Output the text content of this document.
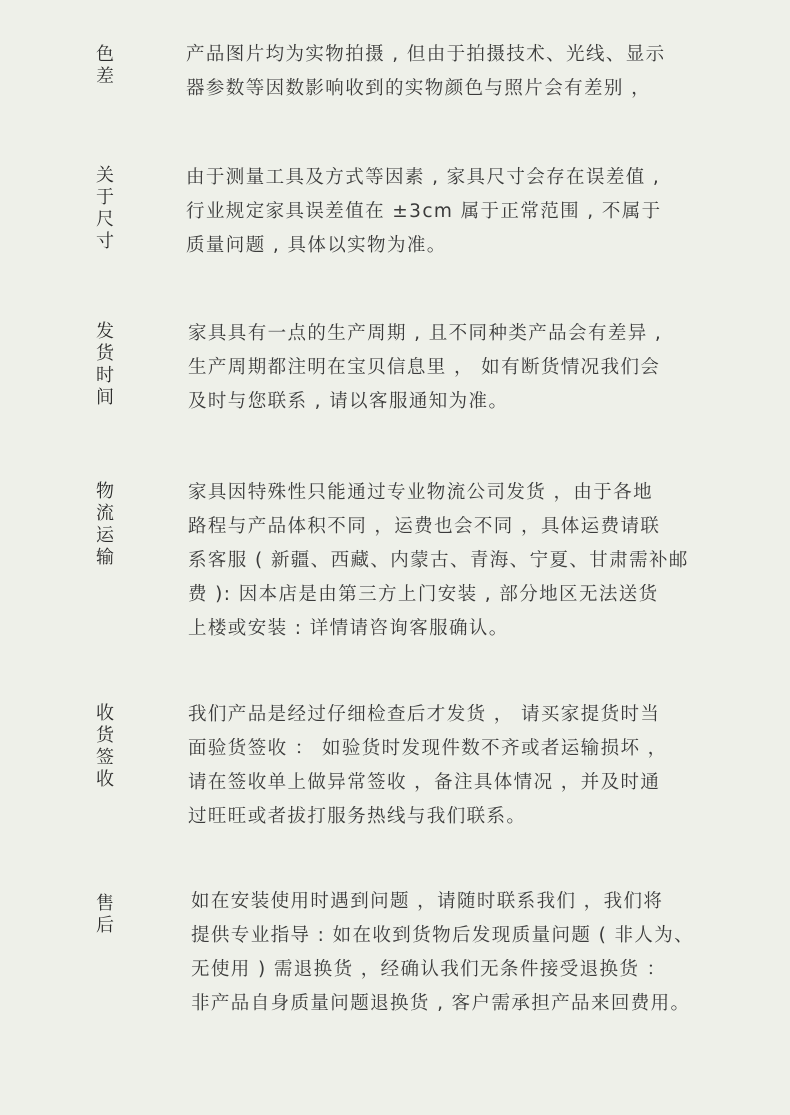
色差
产品图片均为实物拍摄 , 但由于拍摄技术、光线、显示
器参数等因数影响收到的实物颜色与照片会有差别 ，
关于尺寸
由于测量工具及方式等因素 , 家具尺寸会存在误差值 ,
行业规定家具误差值在 ±3cm 属于正常范围 , 不属于
质量问题 , 具体以实物为准。
发货时间
家具具有一点的生产周期 , 且不同种类产品会有差异 ,
生产周期都注明在宝贝信息里 ， 如有断货情况我们会
及时与您联系 , 请以客服通知为准。
物流运输
家具因特殊性只能通过专业物流公司发货 ，由于各地
路程与产品体积不同 ，运费也会不同 ，具体运费请联
系客服 ( 新疆、西藏、内蒙古、青海、宁夏、甘肃需补邮
费 ): 因本店是由第三方上门安装 , 部分地区无法送货
上楼或安装 : 详情请咨询客服确认。
收货签收
我们产品是经过仔细检查后才发货 ， 请买家提货时当
面验货签收 ： 如验货时发现件数不齐或者运输损坏 ，
请在签收单上做异常签收 ，备注具体情况 ，并及时通
过旺旺或者拔打服务热线与我们联系。
售后
如在安装使用时遇到问题 ，请随时联系我们 ，我们将
提供专业指导 : 如在收到货物后发现质量问题 ( 非人为、
无使用 ) 需退换货 ，经确认我们无条件接受退换货 ：
非产品自身质量问题退换货 , 客户需承担产品来回费用。
